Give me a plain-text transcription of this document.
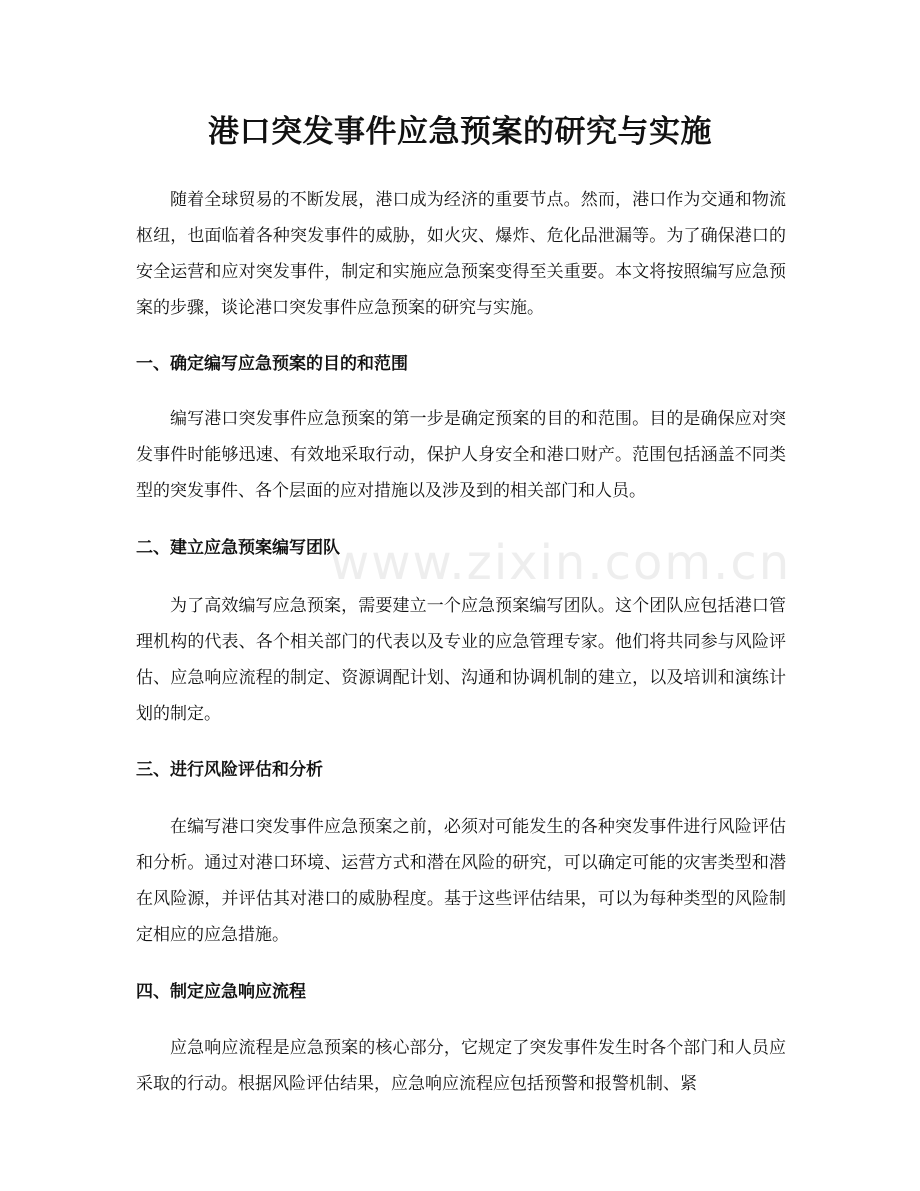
港口突发事件应急预案的研究与实施

随着全球贸易的不断发展，港口成为经济的重要节点。然而，港口作为交通和物流枢纽，也面临着各种突发事件的威胁，如火灾、爆炸、危化品泄漏等。为了确保港口的安全运营和应对突发事件，制定和实施应急预案变得至关重要。本文将按照编写应急预案的步骤，谈论港口突发事件应急预案的研究与实施。

一、确定编写应急预案的目的和范围

编写港口突发事件应急预案的第一步是确定预案的目的和范围。目的是确保应对突发事件时能够迅速、有效地采取行动，保护人身安全和港口财产。范围包括涵盖不同类型的突发事件、各个层面的应对措施以及涉及到的相关部门和人员。

二、建立应急预案编写团队

为了高效编写应急预案，需要建立一个应急预案编写团队。这个团队应包括港口管理机构的代表、各个相关部门的代表以及专业的应急管理专家。他们将共同参与风险评估、应急响应流程的制定、资源调配计划、沟通和协调机制的建立，以及培训和演练计划的制定。

三、进行风险评估和分析

在编写港口突发事件应急预案之前，必须对可能发生的各种突发事件进行风险评估和分析。通过对港口环境、运营方式和潜在风险的研究，可以确定可能的灾害类型和潜在风险源，并评估其对港口的威胁程度。基于这些评估结果，可以为每种类型的风险制定相应的应急措施。

四、制定应急响应流程

应急响应流程是应急预案的核心部分，它规定了突发事件发生时各个部门和人员应采取的行动。根据风险评估结果，应急响应流程应包括预警和报警机制、紧

www.zixin.com.cn
